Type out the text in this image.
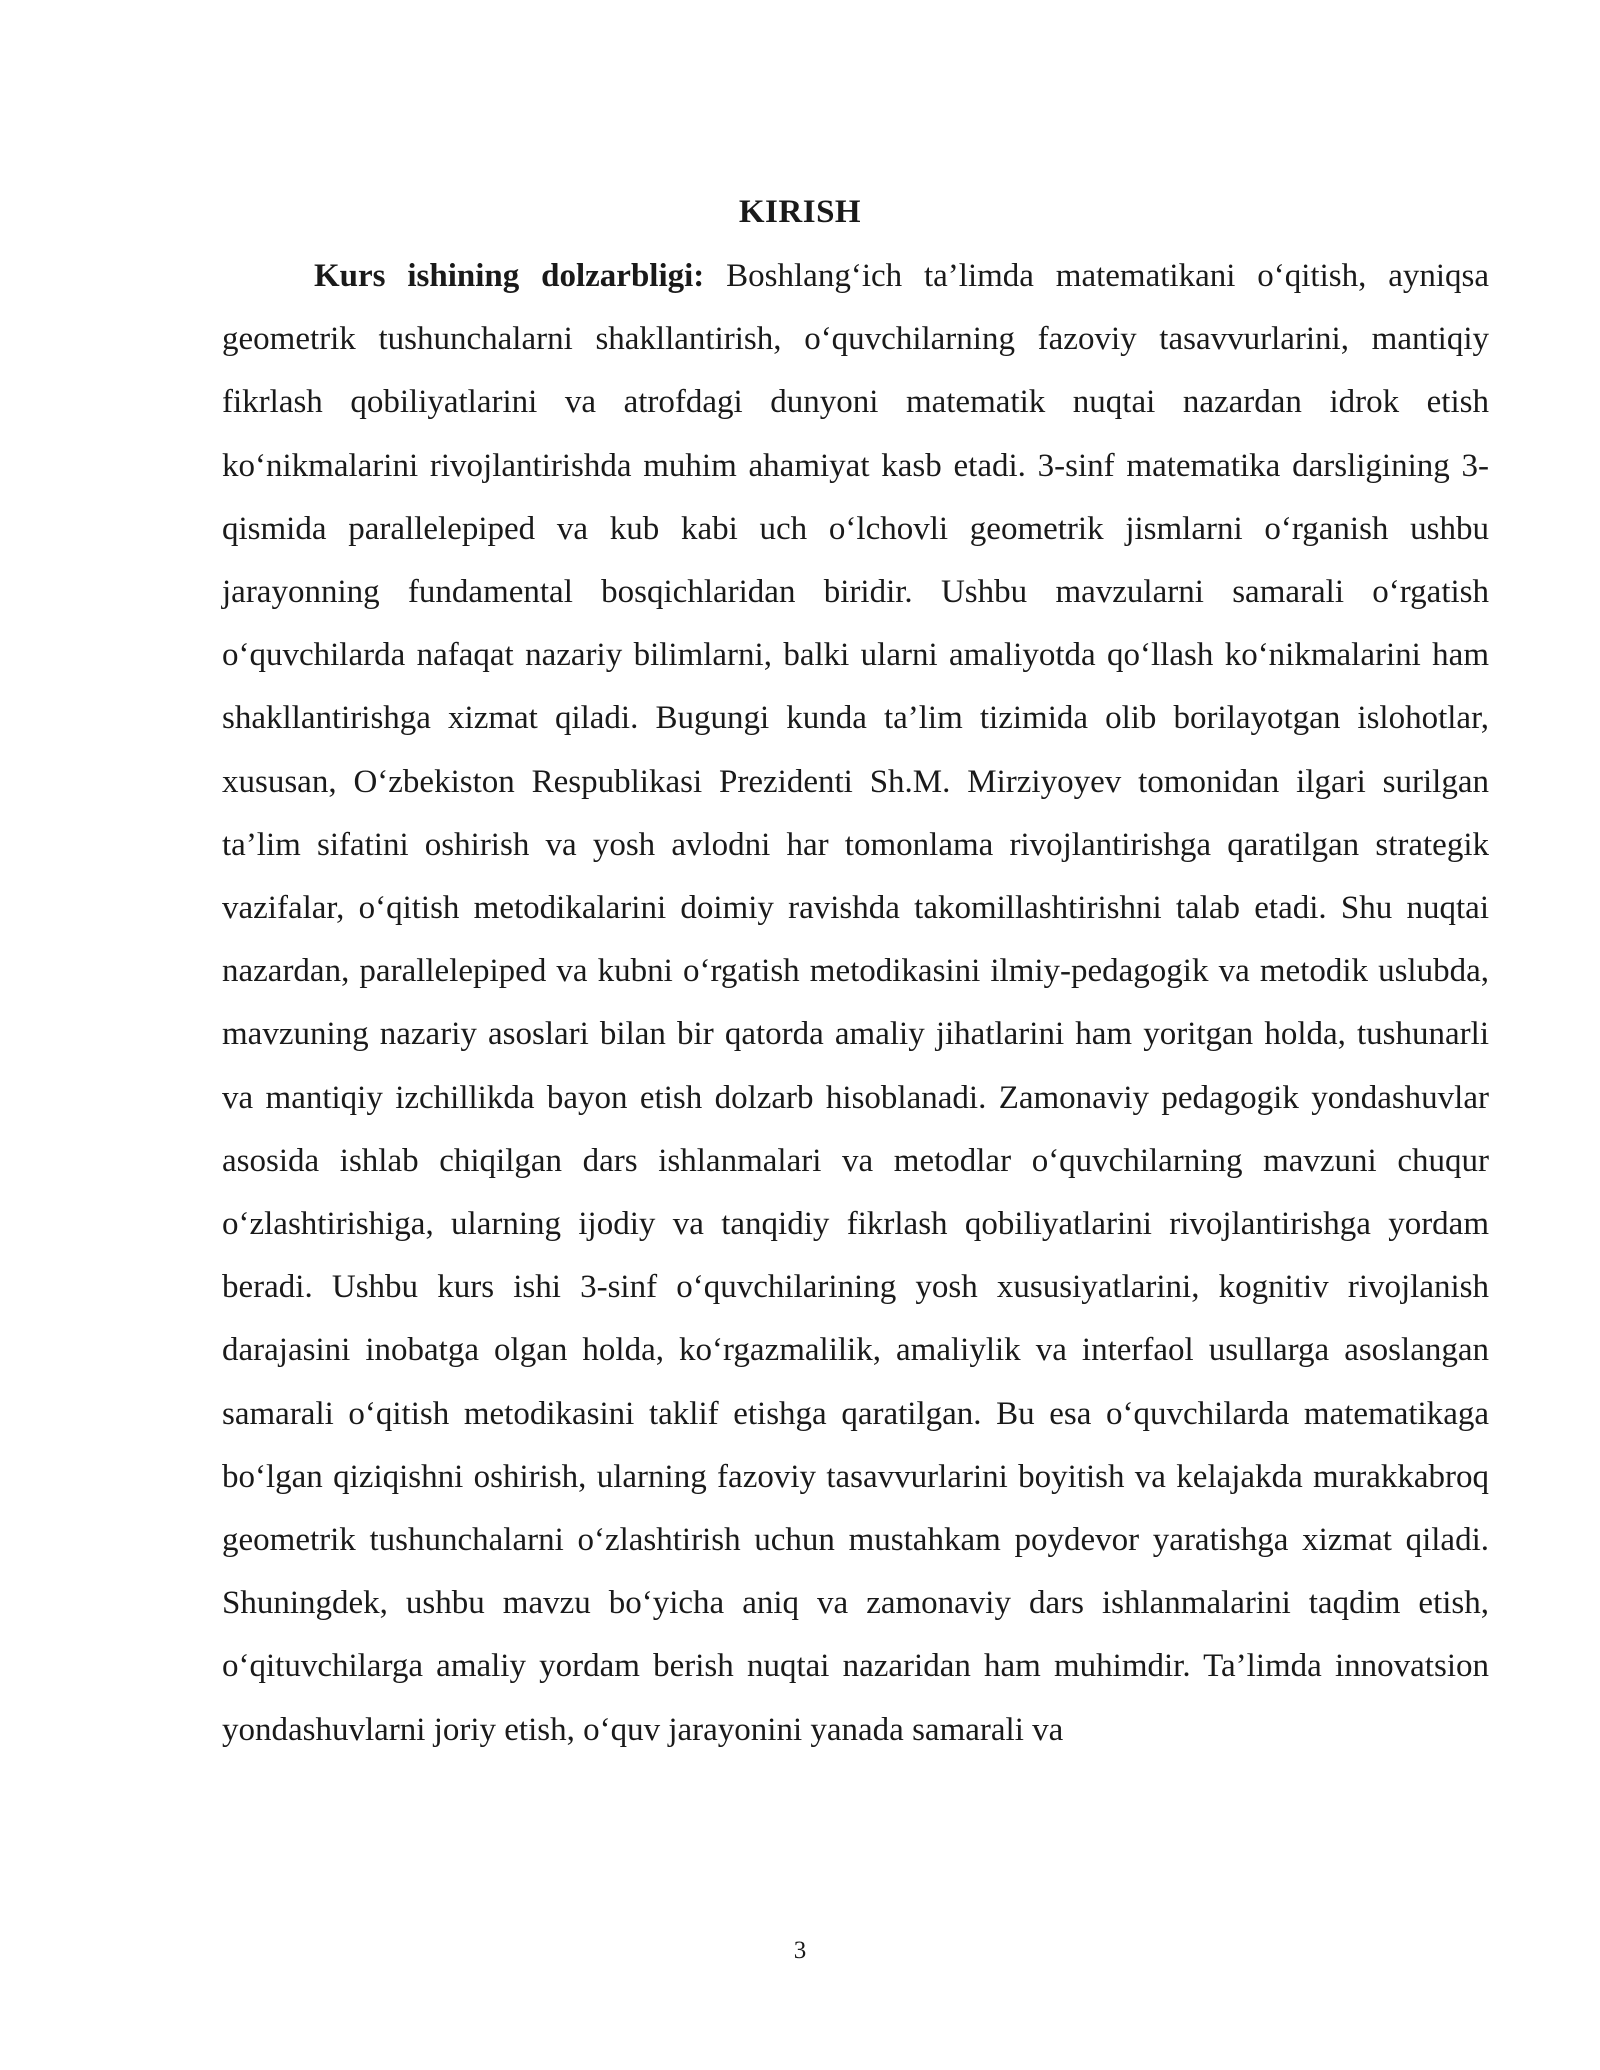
KIRISH

Kurs ishining dolzarbligi: Boshlang‘ich ta’limda matematikani o‘qitish, ayniqsa geometrik tushunchalarni shakllantirish, o‘quvchilarning fazoviy tasavvurlarini, mantiqiy fikrlash qobiliyatlarini va atrofdagi dunyoni matematik nuqtai nazardan idrok etish ko‘nikmalarini rivojlantirishda muhim ahamiyat kasb etadi. 3-sinf matematika darsligining 3-qismida parallelepiped va kub kabi uch o‘lchovli geometrik jismlarni o‘rganish ushbu jarayonning fundamental bosqichlaridan biridir. Ushbu mavzularni samarali o‘rgatish o‘quvchilarda nafaqat nazariy bilimlarni, balki ularni amaliyotda qo‘llash ko‘nikmalarini ham shakllantirishga xizmat qiladi. Bugungi kunda ta’lim tizimida olib borilayotgan islohotlar, xususan, O‘zbekiston Respublikasi Prezidenti Sh.M. Mirziyoyev tomonidan ilgari surilgan ta’lim sifatini oshirish va yosh avlodni har tomonlama rivojlantirishga qaratilgan strategik vazifalar, o‘qitish metodikalarini doimiy ravishda takomillashtirishni talab etadi. Shu nuqtai nazardan, parallelepiped va kubni o‘rgatish metodikasini ilmiy-pedagogik va metodik uslubda, mavzuning nazariy asoslari bilan bir qatorda amaliy jihatlarini ham yoritgan holda, tushunarli va mantiqiy izchillikda bayon etish dolzarb hisoblanadi. Zamonaviy pedagogik yondashuvlar asosida ishlab chiqilgan dars ishlanmalari va metodlar o‘quvchilarning mavzuni chuqur o‘zlashtirishiga, ularning ijodiy va tanqidiy fikrlash qobiliyatlarini rivojlantirishga yordam beradi. Ushbu kurs ishi 3-sinf o‘quvchilarining yosh xususiyatlarini, kognitiv rivojlanish darajasini inobatga olgan holda, ko‘rgazmalilik, amaliylik va interfaol usullarga asoslangan samarali o‘qitish metodikasini taklif etishga qaratilgan. Bu esa o‘quvchilarda matematikaga bo‘lgan qiziqishni oshirish, ularning fazoviy tasavvurlarini boyitish va kelajakda murakkabroq geometrik tushunchalarni o‘zlashtirish uchun mustahkam poydevor yaratishga xizmat qiladi. Shuningdek, ushbu mavzu bo‘yicha aniq va zamonaviy dars ishlanmalarini taqdim etish, o‘qituvchilarga amaliy yordam berish nuqtai nazaridan ham muhimdir. Ta’limda innovatsion yondashuvlarni joriy etish, o‘quv jarayonini yanada samarali va

3
